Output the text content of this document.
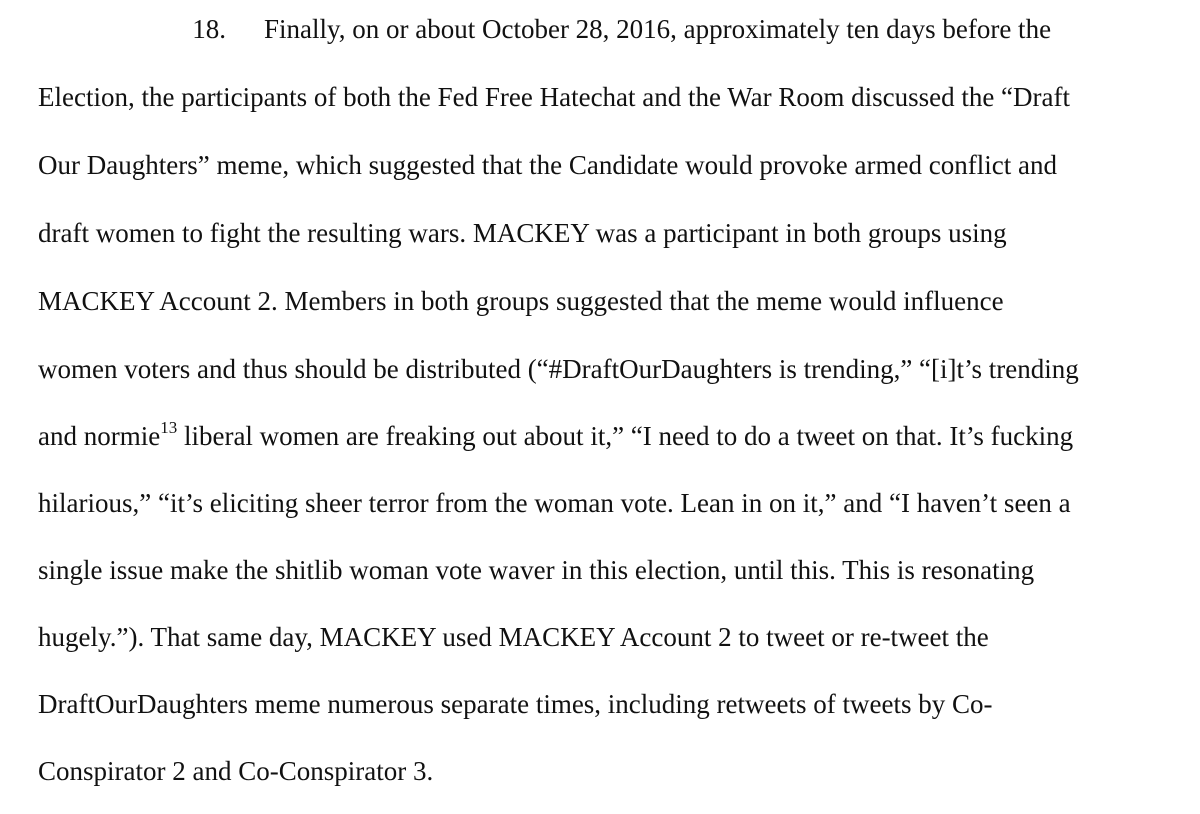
18. Finally, on or about October 28, 2016, approximately ten days before the

Election, the participants of both the Fed Free Hatechat and the War Room discussed the “Draft

Our Daughters” meme, which suggested that the Candidate would provoke armed conflict and

draft women to fight the resulting wars. MACKEY was a participant in both groups using

MACKEY Account 2. Members in both groups suggested that the meme would influence

women voters and thus should be distributed (“#DraftOurDaughters is trending,” “[i]t’s trending

and normie$^{13}$ liberal women are freaking out about it,” “I need to do a tweet on that. It’s fucking

hilarious,” “it’s eliciting sheer terror from the woman vote. Lean in on it,” and “I haven’t seen a

single issue make the shitlib woman vote waver in this election, until this. This is resonating

hugely.”). That same day, MACKEY used MACKEY Account 2 to tweet or re-tweet the

DraftOurDaughters meme numerous separate times, including retweets of tweets by Co-

Conspirator 2 and Co-Conspirator 3.
